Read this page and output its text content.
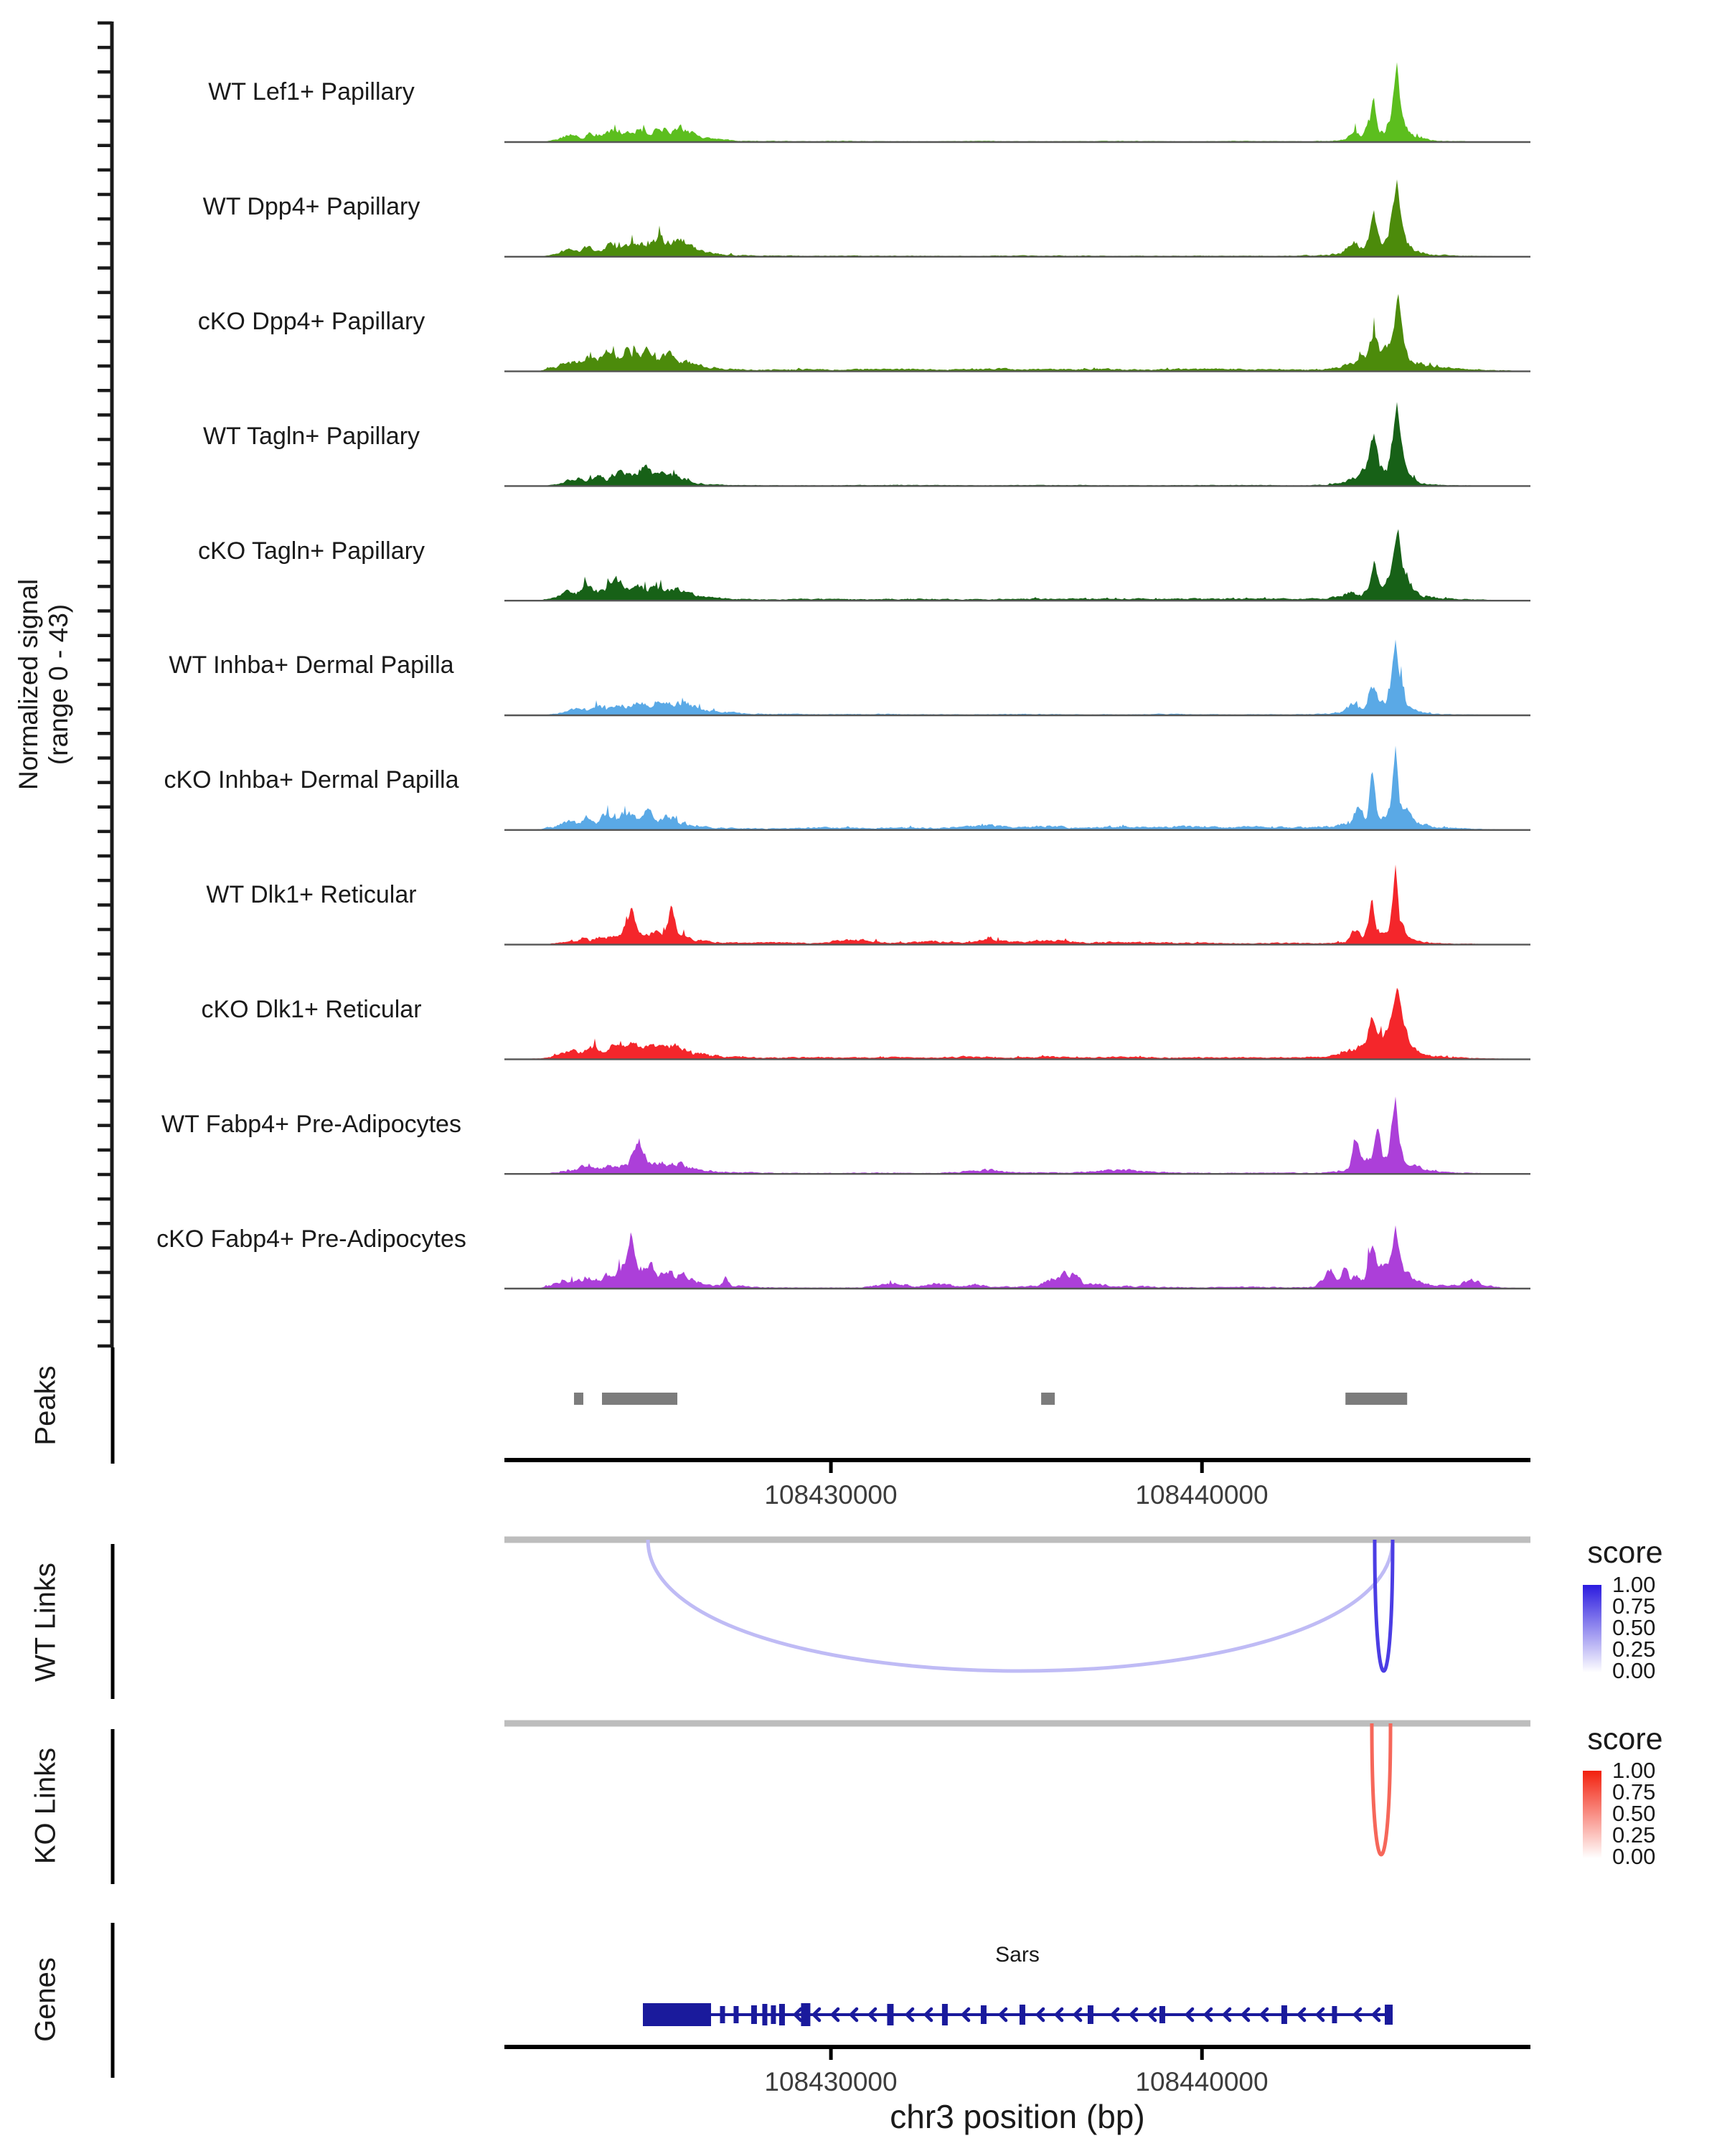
Normalized signal (range 0 - 43)
Peaks
WT Links
KO Links
Genes
WT Lef1+ Papillary
WT Dpp4+ Papillary
cKO Dpp4+ Papillary
WT Tagln+ Papillary
cKO Tagln+ Papillary
WT Inhba+ Dermal Papilla
cKO Inhba+ Dermal Papilla
WT Dlk1+ Reticular
cKO Dlk1+ Reticular
WT Fabp4+ Pre-Adipocytes
cKO Fabp4+ Pre-Adipocytes
108430000	108440000
score
1.00
0.75
0.50
0.25
0.00
score
1.00
0.75
0.50
0.25
0.00
Sars
108430000	108440000
chr3 position (bp)
